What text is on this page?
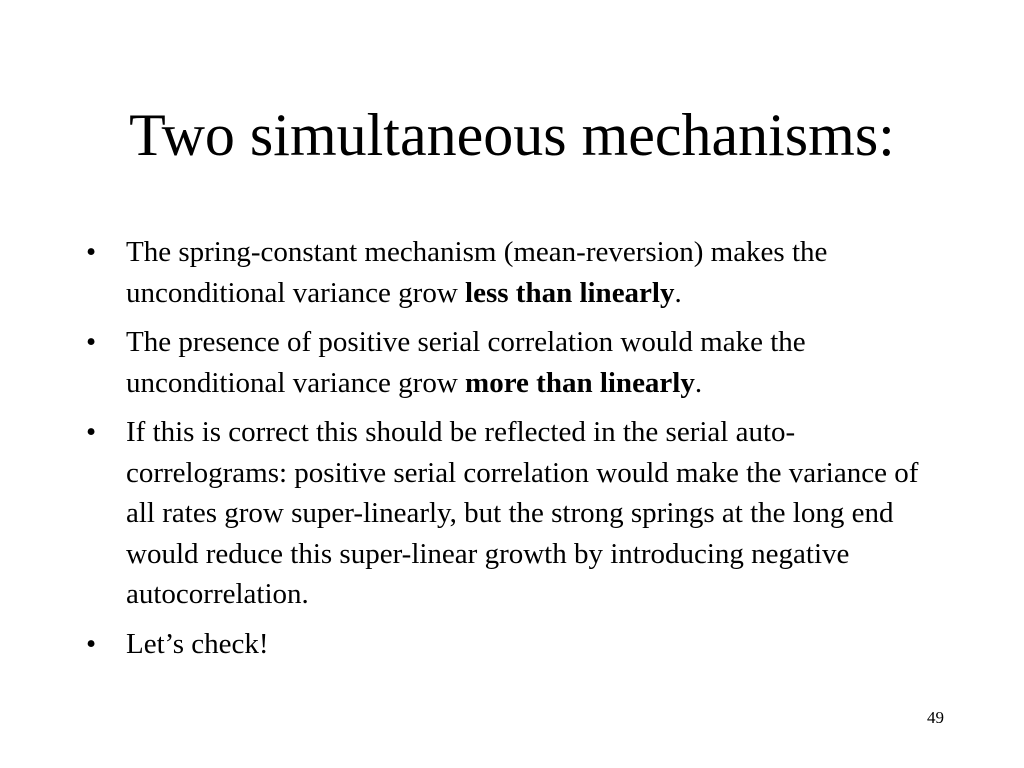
Two simultaneous mechanisms:
•	The spring-constant mechanism (mean-reversion) makes the unconditional variance grow less than linearly.
•	The presence of positive serial correlation would make the unconditional variance grow more than linearly.
•	If this is correct this should be reflected in the serial auto-correlograms: positive serial correlation would make the variance of all rates grow super-linearly, but the strong springs at the long end would reduce this super-linear growth by introducing negative autocorrelation.
•	Let’s check!
49
